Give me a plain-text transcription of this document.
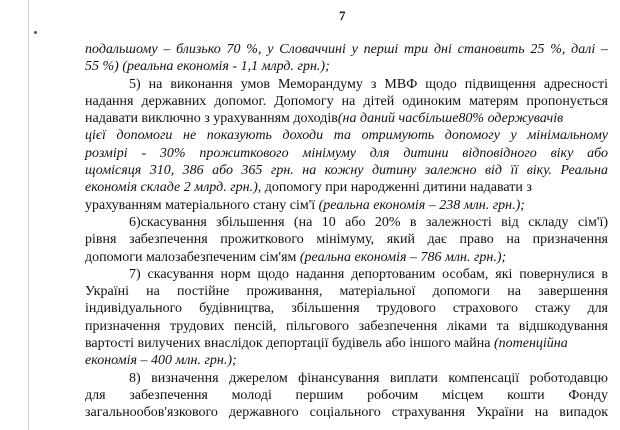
7
подальшому – близько 70 %, у Словаччині у перші три дні становить 25 %, далі –
55 %) (реальна економія - 1,1 млрд. грн.);
5) на виконання умов Меморандуму з МВФ щодо підвищення адресності
надання державних допомог. Допомогу на дітей одиноким матерям пропонується
надавати виключно з урахуванням доходів(на даний часбільше80% одержувачів
цієї допомоги не показують доходи та отримують допомогу у мінімальному
розмірі - 30% прожиткового мінімуму для дитини відповідного віку або
щомісяця 310, 386 або 365 грн. на кожну дитину залежно від її віку. Реальна
економія складе 2 млрд. грн.), допомогу при народженні дитини надавати з
урахуванням матеріального стану сім'ї (реальна економія – 238 млн. грн.);
6)скасування збільшення (на 10 або 20% в залежності від складу сім'ї)
рівня забезпечення прожиткового мінімуму, який дає право на призначення
допомоги малозабезпеченим сім'ям (реальна економія – 786 млн. грн.);
7) скасування норм щодо надання депортованим особам, які повернулися в
Україні на постійне проживання, матеріальної допомоги на завершення
індивідуального будівництва, збільшення трудового страхового стажу для
призначення трудових пенсій, пільгового забезпечення ліками та відшкодування
вартості вилучених внаслідок депортації будівель або іншого майна (потенційна
економія – 400 млн. грн.);
8) визначення джерелом фінансування виплати компенсації роботодавцю
для забезпечення молоді першим робочим місцем кошти Фонду
загальнообов'язкового державного соціального страхування України на випадок
